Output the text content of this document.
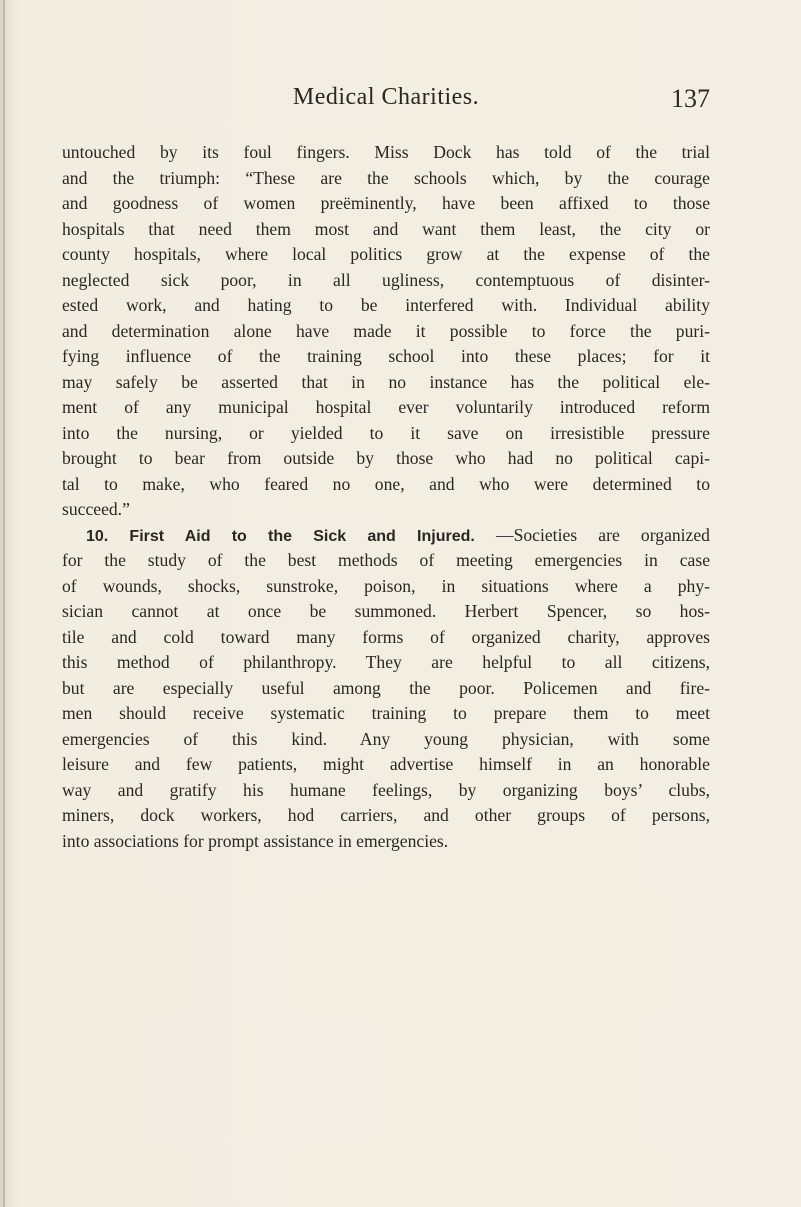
Medical Charities.	137
untouched by its foul fingers. Miss Dock has told of the trial
and the triumph: “These are the schools which, by the courage
and goodness of women preëminently, have been affixed to those
hospitals that need them most and want them least, the city or
county hospitals, where local politics grow at the expense of the
neglected sick poor, in all ugliness, contemptuous of disinter-
ested work, and hating to be interfered with. Individual ability
and determination alone have made it possible to force the puri-
fying influence of the training school into these places; for it
may safely be asserted that in no instance has the political ele-
ment of any municipal hospital ever voluntarily introduced reform
into the nursing, or yielded to it save on irresistible pressure
brought to bear from outside by those who had no political capi-
tal to make, who feared no one, and who were determined to
succeed.”
10. First Aid to the Sick and Injured. —Societies are organized
for the study of the best methods of meeting emergencies in case
of wounds, shocks, sunstroke, poison, in situations where a phy-
sician cannot at once be summoned. Herbert Spencer, so hos-
tile and cold toward many forms of organized charity, approves
this method of philanthropy. They are helpful to all citizens,
but are especially useful among the poor. Policemen and fire-
men should receive systematic training to prepare them to meet
emergencies of this kind. Any young physician, with some
leisure and few patients, might advertise himself in an honorable
way and gratify his humane feelings, by organizing boys’ clubs,
miners, dock workers, hod carriers, and other groups of persons,
into associations for prompt assistance in emergencies.
